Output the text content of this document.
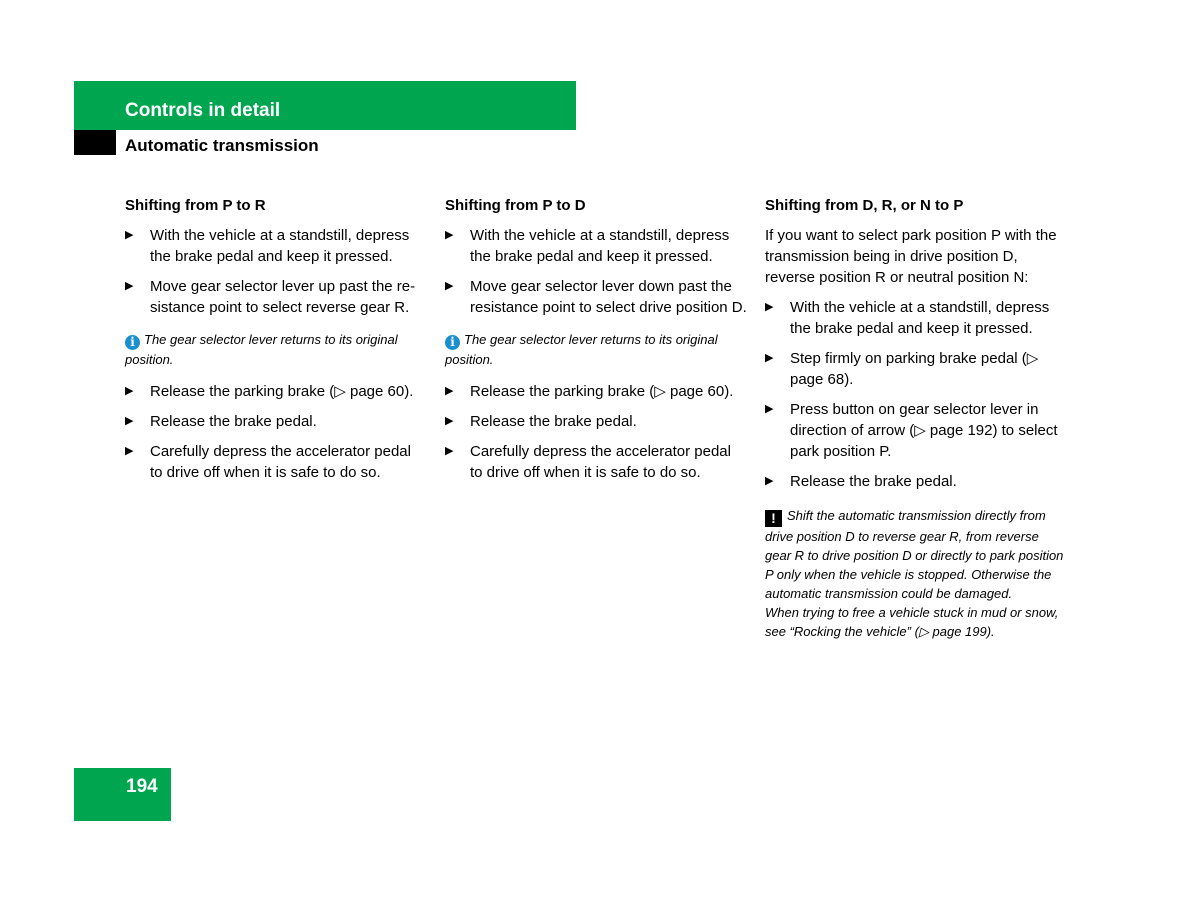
Controls in detail
Automatic transmission
Shifting from P to R
▶ With the vehicle at a standstill, depress the brake pedal and keep it pressed.
▶ Move gear selector lever up past the re-sistance point to select reverse gear R.
i The gear selector lever returns to its original position.
▶ Release the parking brake (▷ page 60).
▶ Release the brake pedal.
▶ Carefully depress the accelerator pedal to drive off when it is safe to do so.
Shifting from P to D
▶ With the vehicle at a standstill, depress the brake pedal and keep it pressed.
▶ Move gear selector lever down past the resistance point to select drive position D.
i The gear selector lever returns to its original position.
▶ Release the parking brake (▷ page 60).
▶ Release the brake pedal.
▶ Carefully depress the accelerator pedal to drive off when it is safe to do so.
Shifting from D, R, or N to P
If you want to select park position P with the transmission being in drive position D, reverse position R or neutral position N:
▶ With the vehicle at a standstill, depress the brake pedal and keep it pressed.
▶ Step firmly on parking brake pedal (▷ page 68).
▶ Press button on gear selector lever in direction of arrow (▷ page 192) to select park position P.
▶ Release the brake pedal.
! Shift the automatic transmission directly from drive position D to reverse gear R, from reverse gear R to drive position D or directly to park position P only when the vehicle is stopped. Otherwise the automatic transmission could be damaged.
When trying to free a vehicle stuck in mud or snow, see “Rocking the vehicle” (▷ page 199).
194
